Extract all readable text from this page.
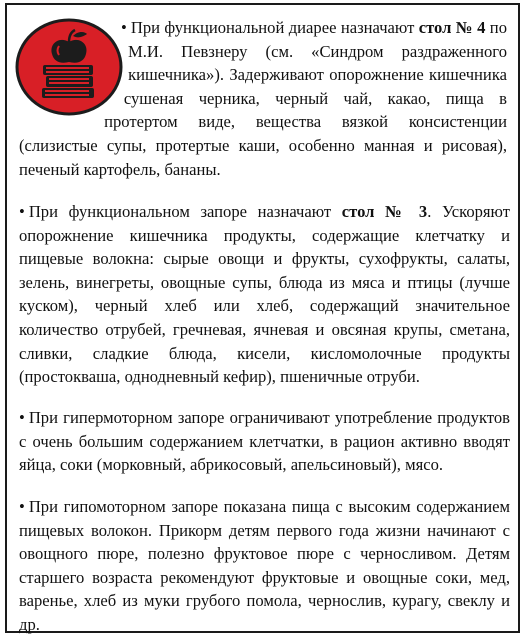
• При функциональной диарее назначают стол № 4 по М.И. Певзнеру (см. «Синдром раздраженного кишечника»). Задерживают опорожнение кишечника сушеная черника, черный чай, какао, пища в протертом виде, вещества вязкой консистенции (слизистые супы, протертые каши, особенно манная и рисовая), печеный картофель, бананы.

• При функциональном запоре назначают стол № 3. Ускоряют опорожнение кишечника продукты, содержащие клетчатку и пищевые волокна: сырые овощи и фрукты, сухофрукты, салаты, зелень, винегреты, овощные супы, блюда из мяса и птицы (лучше куском), черный хлеб или хлеб, содержащий значительное количество отрубей, гречневая, ячневая и овсяная крупы, сметана, сливки, сладкие блюда, кисели, кисломолочные продукты (простокваша, однодневный кефир), пшеничные отруби.

• При гипермоторном запоре ограничивают употребление продуктов с очень большим содержанием клетчатки, в рацион активно вводят яйца, соки (морковный, абрикосовый, апельсиновый), мясо.

• При гипомоторном запоре показана пища с высоким содержанием пищевых волокон. Прикорм детям первого года жизни начинают с овощного пюре, полезно фруктовое пюре с черносливом. Детям старшего возраста рекомендуют фруктовые и овощные соки, мед, варенье, хлеб из муки грубого помола, чернослив, курагу, свеклу и др.
